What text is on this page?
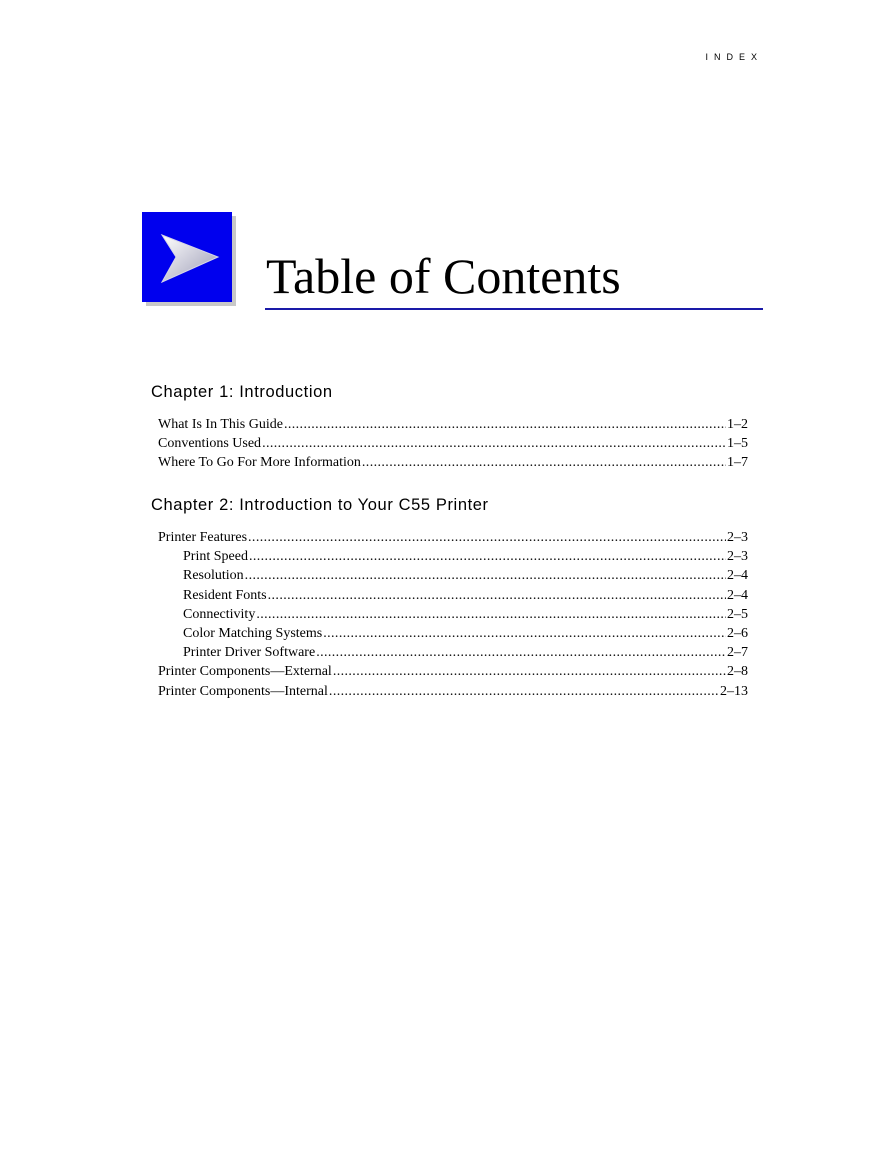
INDEX
Table of Contents
Chapter 1: Introduction
What Is In This Guide .....	1–2
Conventions Used .....	1–5
Where To Go For More Information .....	1–7
Chapter 2: Introduction to Your C55 Printer
Printer Features .....	2–3
Print Speed .....	2–3
Resolution .....	2–4
Resident Fonts .....	2–4
Connectivity .....	2–5
Color Matching Systems .....	2–6
Printer Driver Software .....	2–7
Printer Components—External .....	2–8
Printer Components—Internal .....	2–13
